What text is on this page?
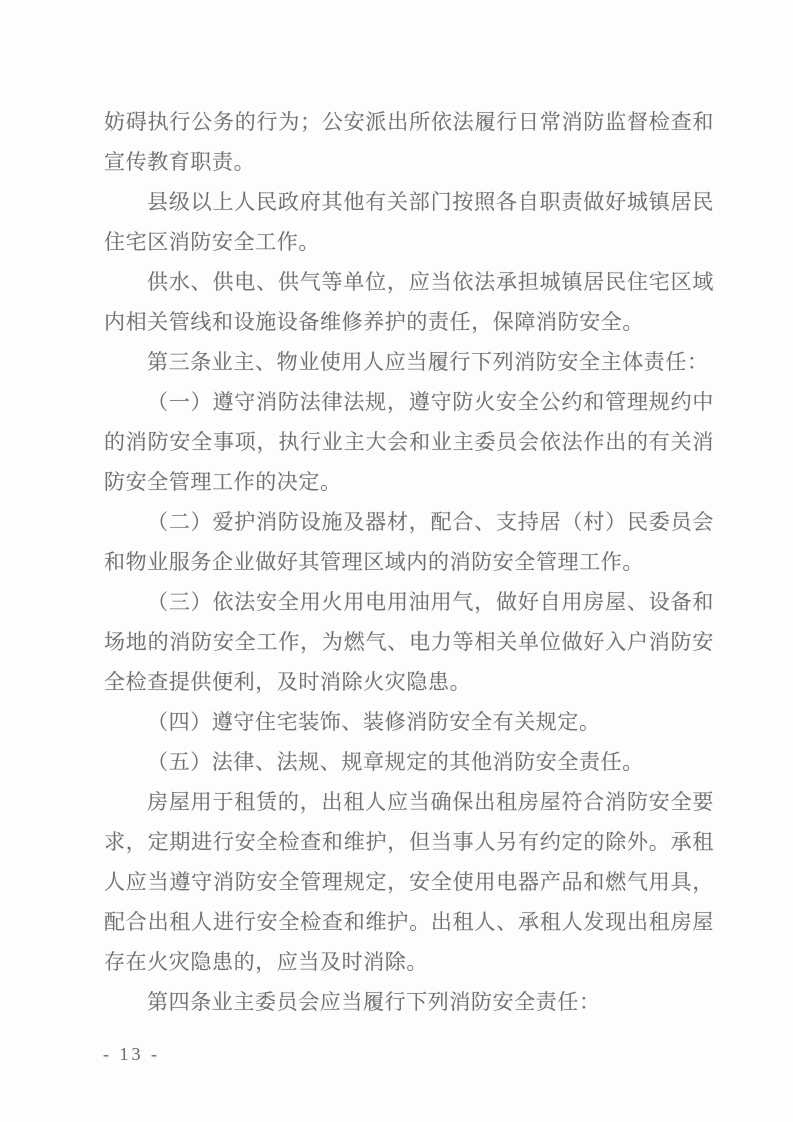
妨碍执行公务的行为；公安派出所依法履行日常消防监督检查和宣传教育职责。

县级以上人民政府其他有关部门按照各自职责做好城镇居民住宅区消防安全工作。

供水、供电、供气等单位，应当依法承担城镇居民住宅区域内相关管线和设施设备维修养护的责任，保障消防安全。

第三条业主、物业使用人应当履行下列消防安全主体责任：

（一）遵守消防法律法规，遵守防火安全公约和管理规约中的消防安全事项，执行业主大会和业主委员会依法作出的有关消防安全管理工作的决定。

（二）爱护消防设施及器材，配合、支持居（村）民委员会和物业服务企业做好其管理区域内的消防安全管理工作。

（三）依法安全用火用电用油用气，做好自用房屋、设备和场地的消防安全工作，为燃气、电力等相关单位做好入户消防安全检查提供便利，及时消除火灾隐患。

（四）遵守住宅装饰、装修消防安全有关规定。

（五）法律、法规、规章规定的其他消防安全责任。

房屋用于租赁的，出租人应当确保出租房屋符合消防安全要求，定期进行安全检查和维护，但当事人另有约定的除外。承租人应当遵守消防安全管理规定，安全使用电器产品和燃气用具，配合出租人进行安全检查和维护。出租人、承租人发现出租房屋存在火灾隐患的，应当及时消除。

第四条业主委员会应当履行下列消防安全责任：

- 13 -
